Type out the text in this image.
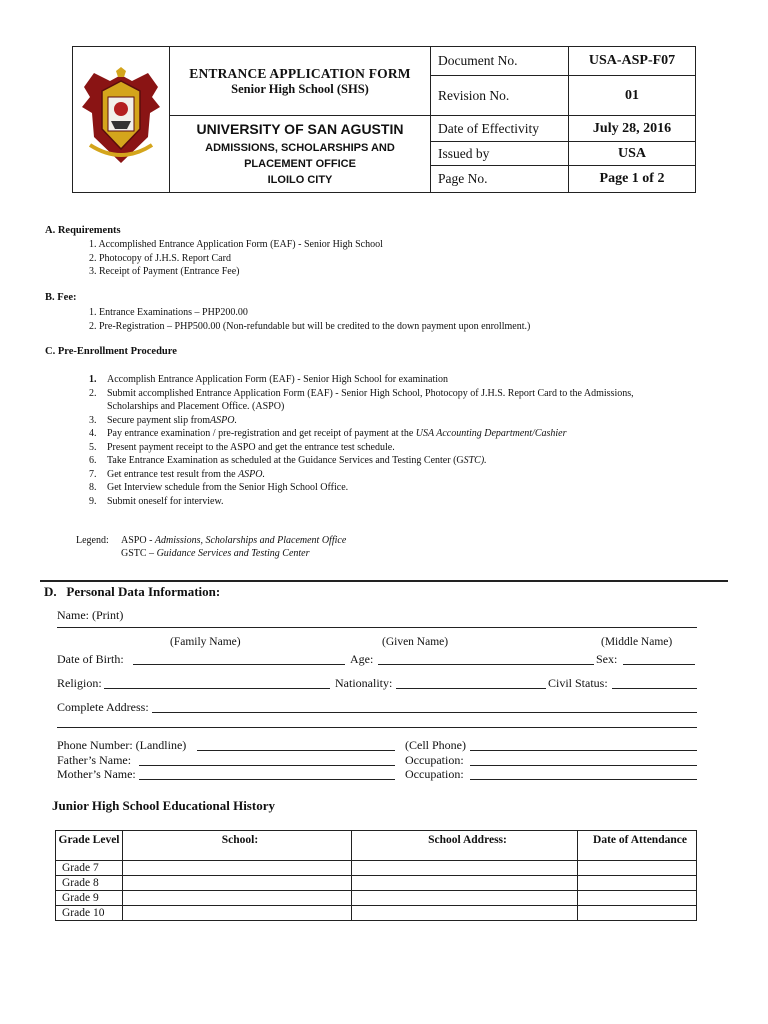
ENTRANCE APPLICATION FORM
Senior High School (SHS)	Document No.	USA-ASP-F07
		Revision No.	01

	UNIVERSITY OF SAN AGUSTIN
ADMISSIONS, SCHOLARSHIPS AND
PLACEMENT OFFICE
ILOILO CITY	Date of Effectivity	July 28, 2016
		Issued by	USA
		Page No.	Page 1 of 2
A. Requirements
1. Accomplished Entrance Application Form (EAF) - Senior High School
2. Photocopy of J.H.S. Report Card
3. Receipt of Payment (Entrance Fee)
B. Fee:
1. Entrance Examinations – PHP200.00
2. Pre-Registration – PHP500.00 (Non-refundable but will be credited to the down payment upon enrollment.)
C. Pre-Enrollment Procedure
1.	Accomplish Entrance Application Form (EAF) - Senior High School for examination
2.	Submit accomplished Entrance Application Form (EAF) - Senior High School, Photocopy of J.H.S. Report Card to the Admissions,
Scholarships and Placement Office. (ASPO)
3.	Secure payment slip from ASPO.
4.	Pay entrance examination / pre-registration and get receipt of payment at the USA Accounting Department/Cashier
5.	Present payment receipt to the ASPO and get the entrance test schedule.
6.	Take Entrance Examination as scheduled at the Guidance Services and Testing Center (G STC).
7.	Get entrance test result from the ASPO.
8.	Get Interview schedule from the Senior High School Office.
9.	Submit oneself for interview.
Legend: ASPO - Admissions, Scholarships and Placement Office
GSTC – Guidance Services and Testing Center
D.   Personal Data Information:
Name: (Print)
(Family Name)	(Given Name)	(Middle Name)
Date of Birth:	Age:	Sex:
Religion:	Nationality:	Civil Status:
Complete Address:
Phone Number: (Landline)	(Cell Phone)
Father’s Name:	Occupation:
Mother’s Name:	Occupation:
Junior High School Educational History
Grade Level	School:	School Address:	Date of Attendance
Grade 7			
Grade 8			
Grade 9			
Grade 10			
